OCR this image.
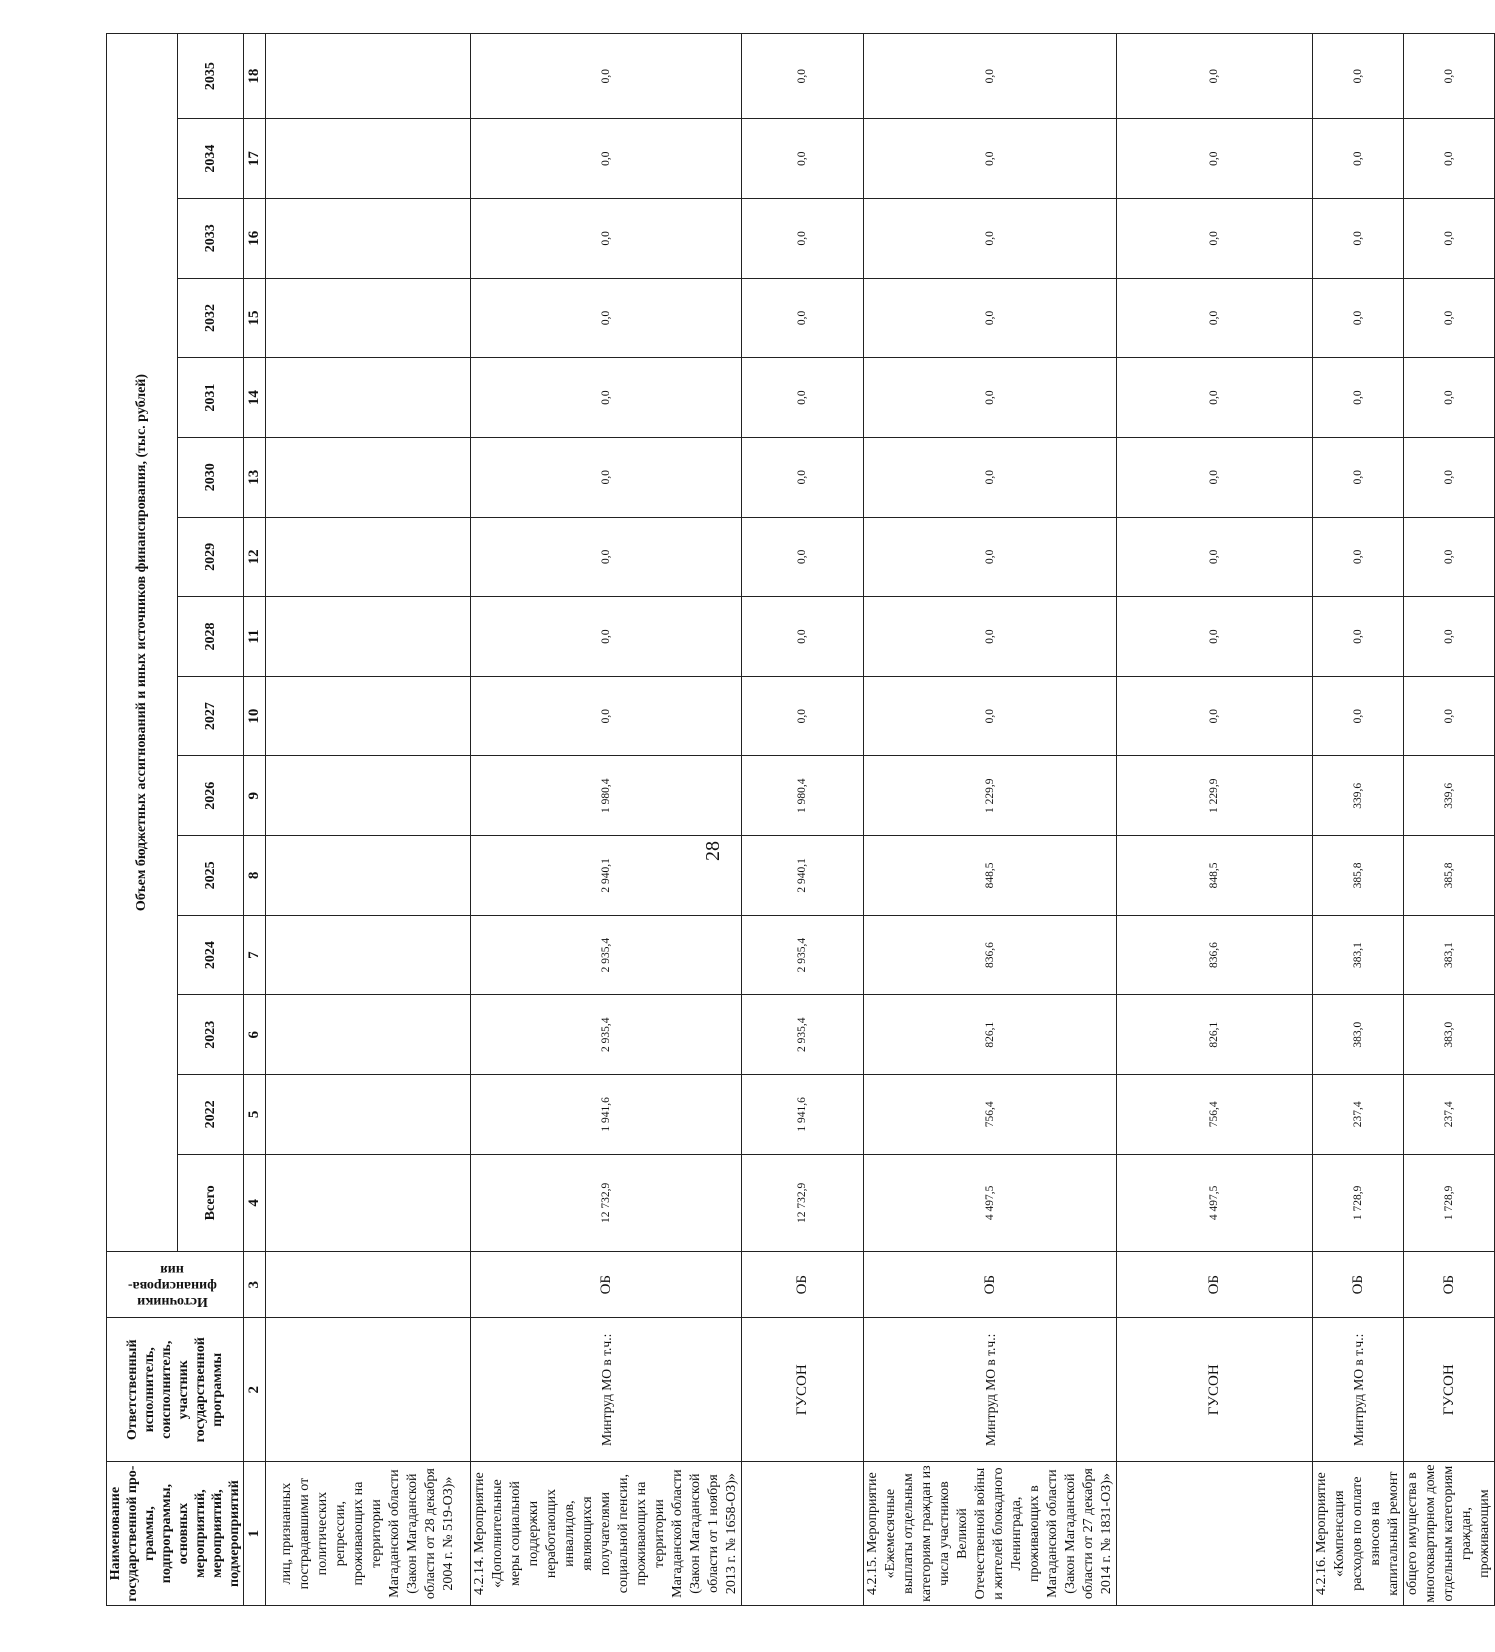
28
Наименование государственной про-граммы, подпрограммы, основных мероприятий, мероприятий, подмероприятий	Ответственный исполнитель, соисполнитель, участник государственной программы	Источники
финансирова-
ния	Объем бюджетных ассигнований и иных источников финансирования, (тыс. рублей)														
			Всего	2022	2023	2024	2025	2026	2027	2028	2029	2030	2031	2032	2033	2034	2035
1	2	3	4	5	6	7	8	9	10	11	12	13	14	15	16	17	18
лиц, признанных пострадавшими от политических репрессии, проживающих на территории Магаданской области (Закон Магаданской области от 28 декабря 2004 г. № 519-ОЗ)»																	
4.2.14. Мероприятие «Дополнительные меры социальной поддержки неработающих инвалидов, являющихся получателями социальной пенсии, проживающих на территории Магаданской области (Закон Магаданской области от 1 ноября 2013 г. № 1658-ОЗ)»	Минтруд МО в т.ч.:	ОБ	12 732,9	1 941,6	2 935,4	2 935,4	2 940,1	1 980,4	0,0	0,0	0,0	0,0	0,0	0,0	0,0	0,0	0,0
	ГУСОН	ОБ	12 732,9	1 941,6	2 935,4	2 935,4	2 940,1	1 980,4	0,0	0,0	0,0	0,0	0,0	0,0	0,0	0,0	0,0
4.2.15. Мероприятие «Ежемесячные выплаты отдельным категориям граждан из числа участников Великой Отечественной войны и жителей блокадного Ленинграда, проживающих в Магаданской области (Закон Магаданской области от 27 декабря 2014 г. № 1831-ОЗ)»	Минтруд МО в т.ч.:	ОБ	4 497,5	756,4	826,1	836,6	848,5	1 229,9	0,0	0,0	0,0	0,0	0,0	0,0	0,0	0,0	0,0
	ГУСОН	ОБ	4 497,5	756,4	826,1	836,6	848,5	1 229,9	0,0	0,0	0,0	0,0	0,0	0,0	0,0	0,0	0,0
4.2.16. Мероприятие «Компенсация расходов по оплате взносов на капитальный ремонт	Минтруд МО в т.ч.:	ОБ	1 728,9	237,4	383,0	383,1	385,8	339,6	0,0	0,0	0,0	0,0	0,0	0,0	0,0	0,0	0,0
общего имущества в многоквартирном доме отдельным категориям граждан, проживающим	ГУСОН	ОБ	1 728,9	237,4	383,0	383,1	385,8	339,6	0,0	0,0	0,0	0,0	0,0	0,0	0,0	0,0	0,0
